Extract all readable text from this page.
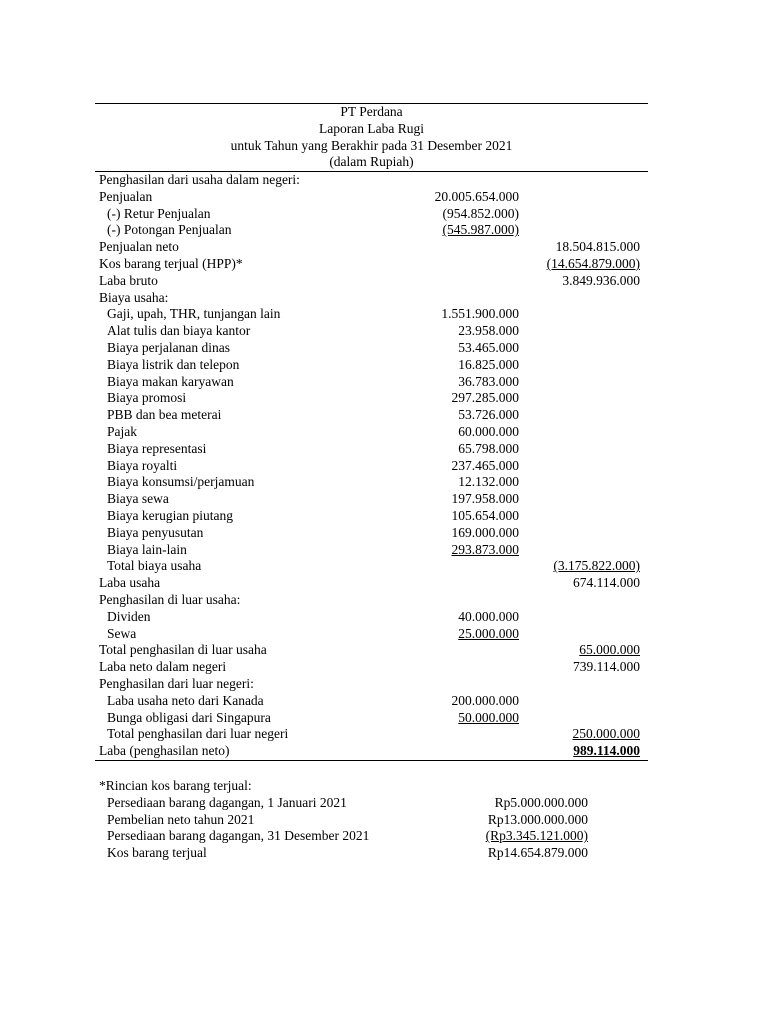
PT Perdana
Laporan Laba Rugi
untuk Tahun yang Berakhir pada 31 Desember 2021
(dalam Rupiah)
Penghasilan dari usaha dalam negeri:
Penjualan	20.005.654.000
(-) Retur Penjualan	(954.852.000)
(-) Potongan Penjualan	(545.987.000)
Penjualan neto	18.504.815.000
Kos barang terjual (HPP)*	(14.654.879.000)
Laba bruto	3.849.936.000
Biaya usaha:
Gaji, upah, THR, tunjangan lain	1.551.900.000
Alat tulis dan biaya kantor	23.958.000
Biaya perjalanan dinas	53.465.000
Biaya listrik dan telepon	16.825.000
Biaya makan karyawan	36.783.000
Biaya promosi	297.285.000
PBB dan bea meterai	53.726.000
Pajak	60.000.000
Biaya representasi	65.798.000
Biaya royalti	237.465.000
Biaya konsumsi/perjamuan	12.132.000
Biaya sewa	197.958.000
Biaya kerugian piutang	105.654.000
Biaya penyusutan	169.000.000
Biaya lain-lain	293.873.000
Total biaya usaha	(3.175.822.000)
Laba usaha	674.114.000
Penghasilan di luar usaha:
Dividen	40.000.000
Sewa	25.000.000
Total penghasilan di luar usaha	65.000.000
Laba neto dalam negeri	739.114.000
Penghasilan dari luar negeri:
Laba usaha neto dari Kanada	200.000.000
Bunga obligasi dari Singapura	50.000.000
Total penghasilan dari luar negeri	250.000.000
Laba (penghasilan neto)	989.114.000
*Rincian kos barang terjual:
Persediaan barang dagangan, 1 Januari 2021	Rp5.000.000.000
Pembelian neto tahun 2021	Rp13.000.000.000
Persediaan barang dagangan, 31 Desember 2021	(Rp3.345.121.000)
Kos barang terjual	Rp14.654.879.000
